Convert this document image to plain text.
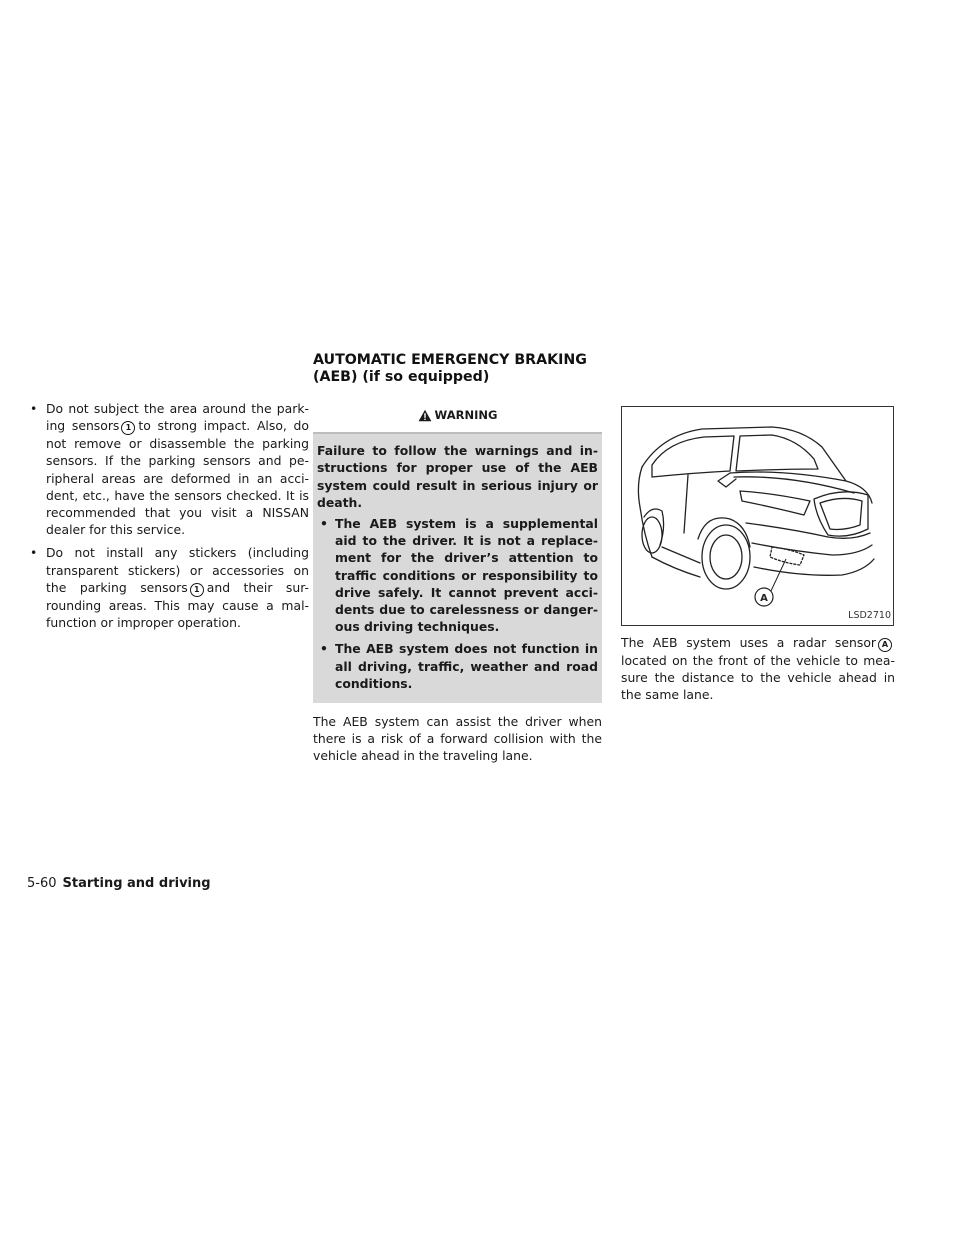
• Do not subject the area around the park-ing sensors 1 to strong impact. Also, do not remove or disassemble the parking sensors. If the parking sensors and pe-ripheral areas are deformed in an acci-dent, etc., have the sensors checked. It is recommended that you visit a NISSAN dealer for this service.
• Do not install any stickers (including transparent stickers) or accessories on the parking sensors 1 and their sur-rounding areas. This may cause a mal-function or improper operation.
AUTOMATIC EMERGENCY BRAKING
(AEB) (if so equipped)
WARNING

Failure to follow the warnings and in-structions for proper use of the AEB system could result in serious injury or death.

• The AEB system is a supplemental aid to the driver. It is not a replace-ment for the driver’s attention to traffic conditions or responsibility to drive safely. It cannot prevent acci-dents due to carelessness or danger-ous driving techniques.
• The AEB system does not function in all driving, traffic, weather and road conditions.

The AEB system can assist the driver when there is a risk of a forward collision with the vehicle ahead in the traveling lane.

A
LSD2710

The AEB system uses a radar sensor Alocated on the front of the vehicle to mea-sure the distance to the vehicle ahead in the same lane.

5-60 Starting and driving
